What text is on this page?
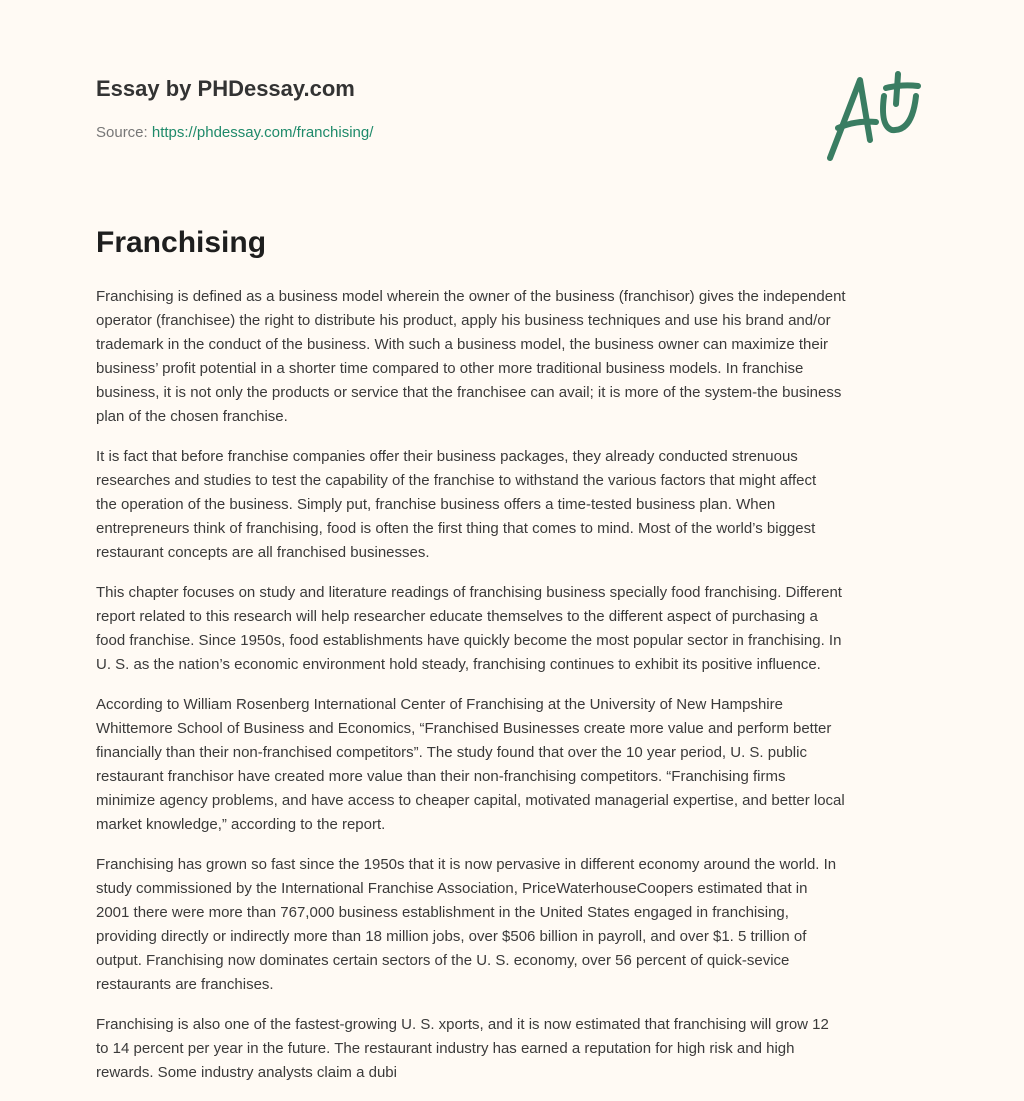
Essay by PHDessay.com
Source: https://phdessay.com/franchising/
Franchising

Franchising is defined as a business model wherein the owner of the business (franchisor) gives the independent
operator (franchisee) the right to distribute his product, apply his business techniques and use his brand and/or
trademark in the conduct of the business. With such a business model, the business owner can maximize their
business’ profit potential in a shorter time compared to other more traditional business models. In franchise
business, it is not only the products or service that the franchisee can avail; it is more of the system-the business
plan of the chosen franchise.

It is fact that before franchise companies offer their business packages, they already conducted strenuous
researches and studies to test the capability of the franchise to withstand the various factors that might affect
the operation of the business. Simply put, franchise business offers a time-tested business plan. When
entrepreneurs think of franchising, food is often the first thing that comes to mind. Most of the world’s biggest
restaurant concepts are all franchised businesses.

This chapter focuses on study and literature readings of franchising business specially food franchising. Different
report related to this research will help researcher educate themselves to the different aspect of purchasing a
food franchise. Since 1950s, food establishments have quickly become the most popular sector in franchising. In
U. S. as the nation’s economic environment hold steady, franchising continues to exhibit its positive influence.

According to William Rosenberg International Center of Franchising at the University of New Hampshire
Whittemore School of Business and Economics, “Franchised Businesses create more value and perform better
financially than their non-franchised competitors”. The study found that over the 10 year period, U. S. public
restaurant franchisor have created more value than their non-franchising competitors. “Franchising firms
minimize agency problems, and have access to cheaper capital, motivated managerial expertise, and better local
market knowledge,” according to the report.

Franchising has grown so fast since the 1950s that it is now pervasive in different economy around the world. In
study commissioned by the International Franchise Association, PriceWaterhouseCoopers estimated that in
2001 there were more than 767,000 business establishment in the United States engaged in franchising,
providing directly or indirectly more than 18 million jobs, over $506 billion in payroll, and over $1. 5 trillion of
output. Franchising now dominates certain sectors of the U. S. economy, over 56 percent of quick-sevice
restaurants are franchises.

Franchising is also one of the fastest-growing U. S. xports, and it is now estimated that franchising will grow 12
to 14 percent per year in the future. The restaurant industry has earned a reputation for high risk and high
rewards. Some industry analysts claim a dubi
